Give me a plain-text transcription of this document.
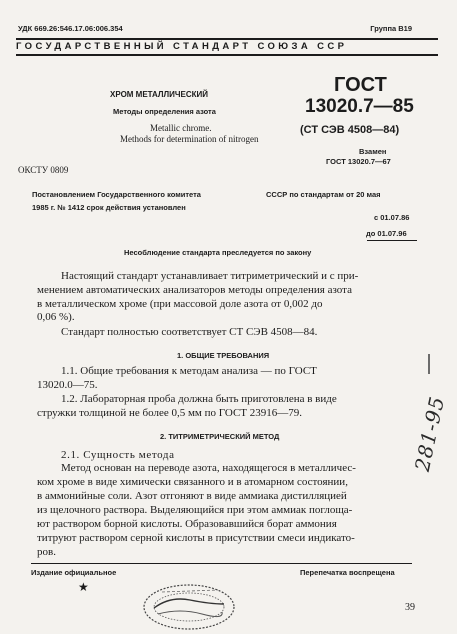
УДК 669.26:546.17.06:006.354	Группа В19
ГОСУДАРСТВЕННЫЙ СТАНДАРТ СОЮЗА ССР
ХРОМ МЕТАЛЛИЧЕСКИЙ
Методы определения азота
Metallic chrome.
Methods for determination of nitrogen
ГОСТ
13020.7—85
(СТ СЭВ 4508—84)
Взамен
ГОСТ 13020.7—67
ОКСТУ 0809
Постановлением Государственного комитета	СССР по стандартам от 20 мая
1985 г. № 1412 срок действия установлен
с 01.07.86
до 01.07.96
Несоблюдение стандарта преследуется по закону
Настоящий стандарт устанавливает титриметрический и с при-
менением автоматических анализаторов методы определения азота
в металлическом хроме (при массовой доле азота от 0,002 до
0,06 %).
Стандарт полностью соответствует СТ СЭВ 4508—84.
1. ОБЩИЕ ТРЕБОВАНИЯ
1.1. Общие требования к методам анализа — по ГОСТ
13020.0—75.
1.2. Лабораторная проба должна быть приготовлена в виде
стружки толщиной не более 0,5 мм по ГОСТ 23916—79.
2. ТИТРИМЕТРИЧЕСКИЙ МЕТОД
2.1. Сущность метода
Метод основан на переводе азота, находящегося в металличес-
ком хроме в виде химически связанного и в атомарном состоянии,
в аммонийные соли. Азот отгоняют в виде аммиака дистилляцией
из щелочного раствора. Выделяющийся при этом аммиак поглоща-
ют раствором борной кислоты. Образовавшийся борат аммония
титруют раствором серной кислоты в присутствии смеси индикато-
ров.
Издание официальное	Перепечатка воспрещена
★
39
281-95
